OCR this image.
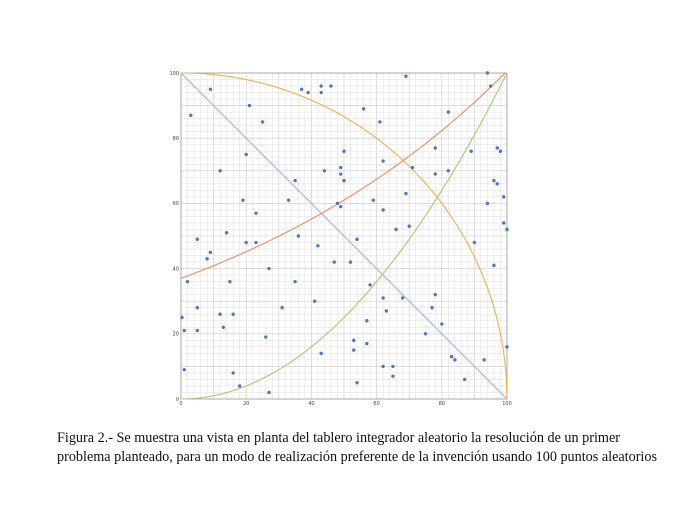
0	20	40	60	80	100
0
20
40
60
80
100

Figura 2.- Se muestra una vista en planta del tablero integrador aleatorio la resolución de un primer problema planteado, para un modo de realización preferente de la invención usando 100 puntos aleatorios
